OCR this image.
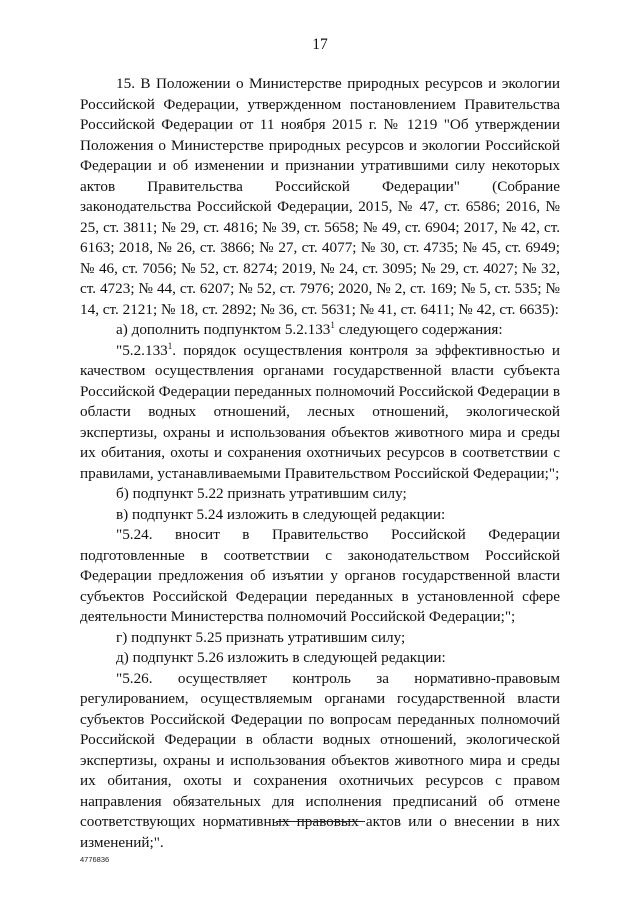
17

15. В Положении о Министерстве природных ресурсов и экологии Российской Федерации, утвержденном постановлением Правительства Российской Федерации от 11 ноября 2015 г. № 1219 "Об утверждении Положения о Министерстве природных ресурсов и экологии Российской Федерации и об изменении и признании утратившими силу некоторых актов Правительства Российской Федерации" (Собрание законодательства Российской Федерации, 2015, № 47, ст. 6586; 2016, № 25, ст. 3811; № 29, ст. 4816; № 39, ст. 5658; № 49, ст. 6904; 2017, № 42, ст. 6163; 2018, № 26, ст. 3866; № 27, ст. 4077; № 30, ст. 4735; № 45, ст. 6949; № 46, ст. 7056; № 52, ст. 8274; 2019, № 24, ст. 3095; № 29, ст. 4027; № 32, ст. 4723; № 44, ст. 6207; № 52, ст. 7976; 2020, № 2, ст. 169; № 5, ст. 535; № 14, ст. 2121; № 18, ст. 2892; № 36, ст. 5631; № 41, ст. 6411; № 42, ст. 6635):

а) дополнить подпунктом 5.2.133$^1$ следующего содержания:

"5.2.133$^1$. порядок осуществления контроля за эффективностью и качеством осуществления органами государственной власти субъекта Российской Федерации переданных полномочий Российской Федерации в области водных отношений, лесных отношений, экологической экспертизы, охраны и использования объектов животного мира и среды их обитания, охоты и сохранения охотничьих ресурсов в соответствии с правилами, устанавливаемыми Правительством Российской Федерации;";

б) подпункт 5.22 признать утратившим силу;

в) подпункт 5.24 изложить в следующей редакции:

"5.24. вносит в Правительство Российской Федерации подготовленные в соответствии с законодательством Российской Федерации предложения об изъятии у органов государственной власти субъектов Российской Федерации переданных в установленной сфере деятельности Министерства полномочий Российской Федерации;";

г) подпункт 5.25 признать утратившим силу;

д) подпункт 5.26 изложить в следующей редакции:

"5.26. осуществляет контроль за нормативно-правовым регулированием, осуществляемым органами государственной власти субъектов Российской Федерации по вопросам переданных полномочий Российской Федерации в области водных отношений, экологической экспертизы, охраны и использования объектов животного мира и среды их обитания, охоты и сохранения охотничьих ресурсов с правом направления обязательных для исполнения предписаний об отмене соответствующих нормативных правовых актов или о внесении в них изменений;".

4776836
